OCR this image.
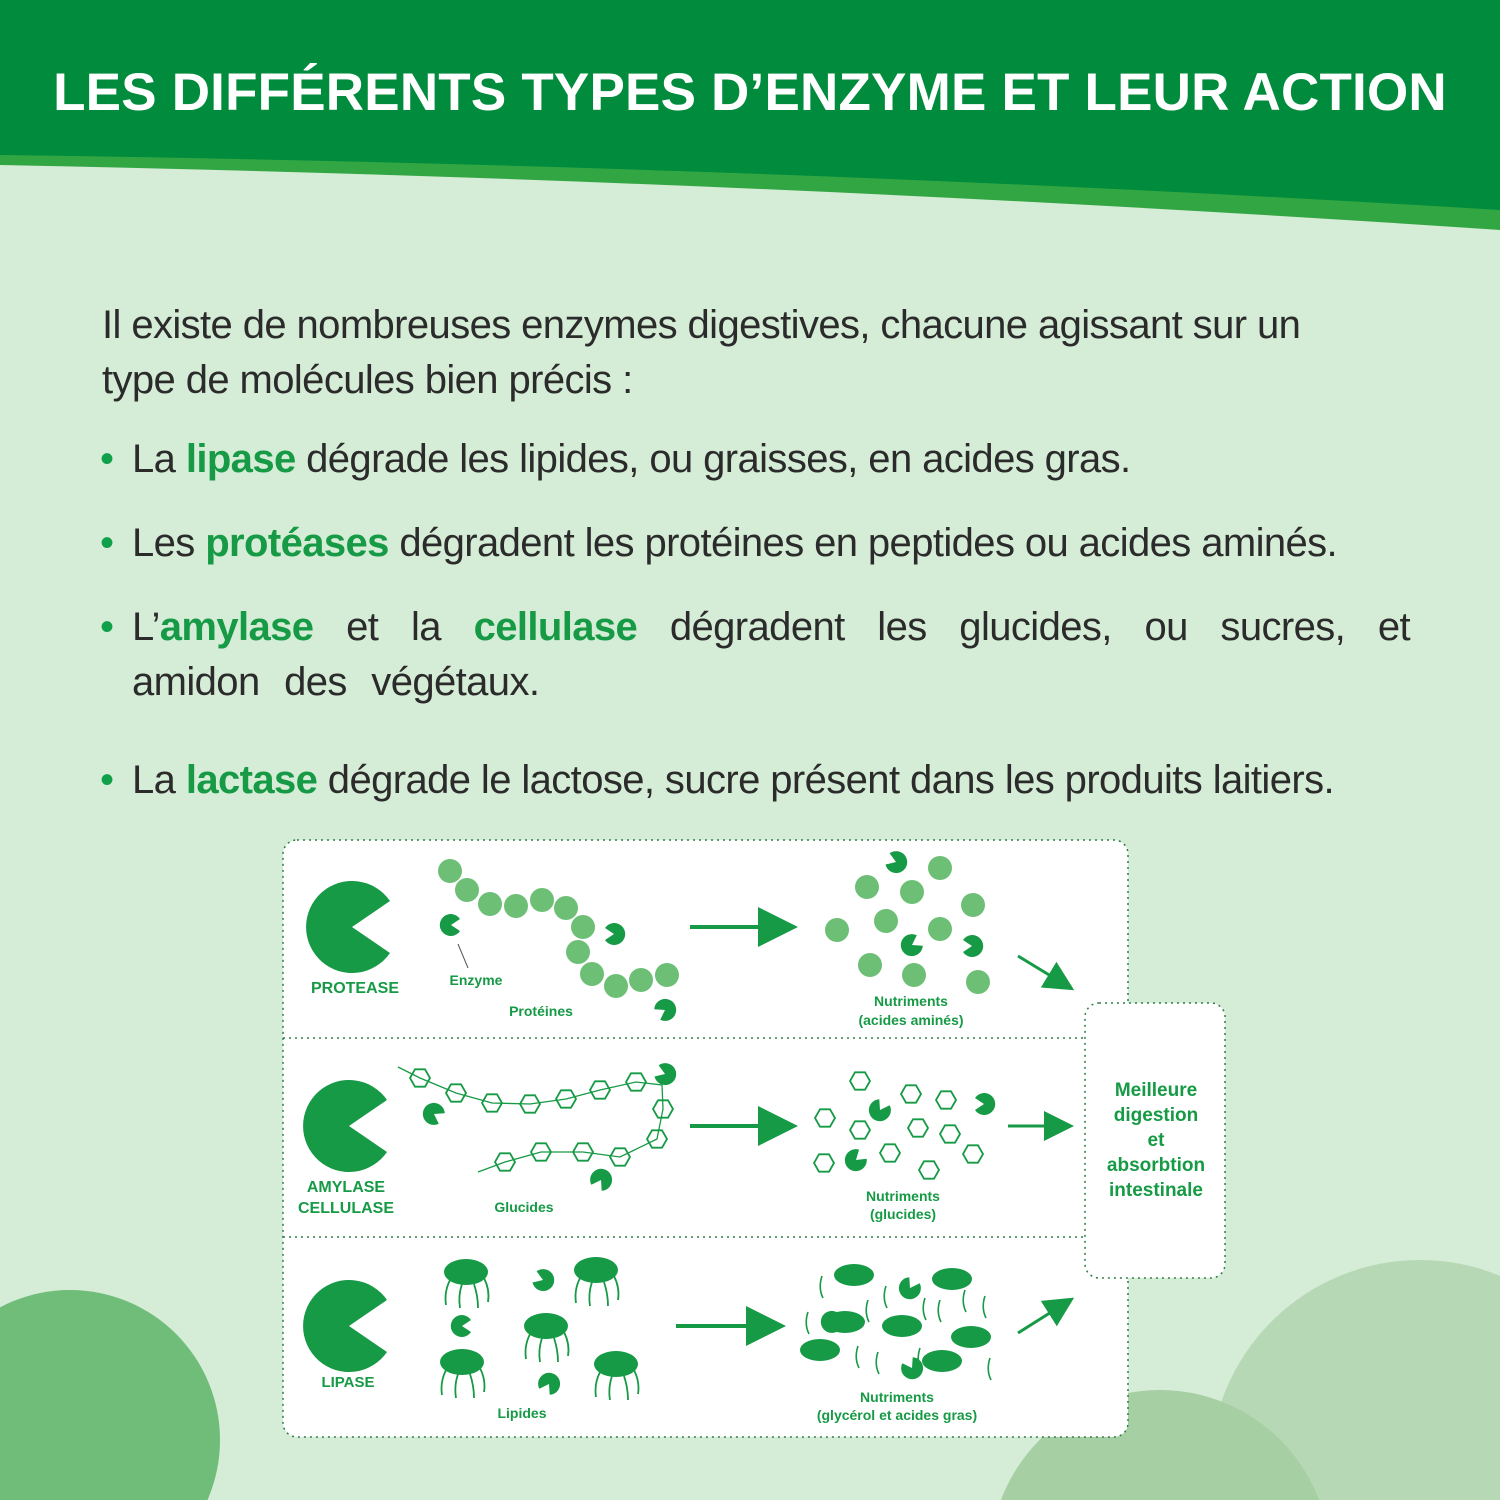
LES DIFFÉRENTS TYPES D’ENZYME ET LEUR ACTION

Il existe de nombreuses enzymes digestives, chacune agissant sur un
type de molécules bien précis :

• La lipase dégrade les lipides, ou graisses, en acides gras.
• Les protéases dégradent les protéines en peptides ou acides aminés.
• L’amylase et la cellulase dégradent les glucides, ou sucres, et amidon des végétaux.
• La lactase dégrade le lactose, sucre présent dans les produits laitiers.
Meilleure
digestion
et
absorbtion
intestinale
PROTEASE	Enzyme
Protéines
Nutriments
(acides aminés)
AMYLASE
CELLULASE	Glucides
Nutriments
(glucides)
LIPASE
Lipides
Nutriments
(glycérol et acides gras)
